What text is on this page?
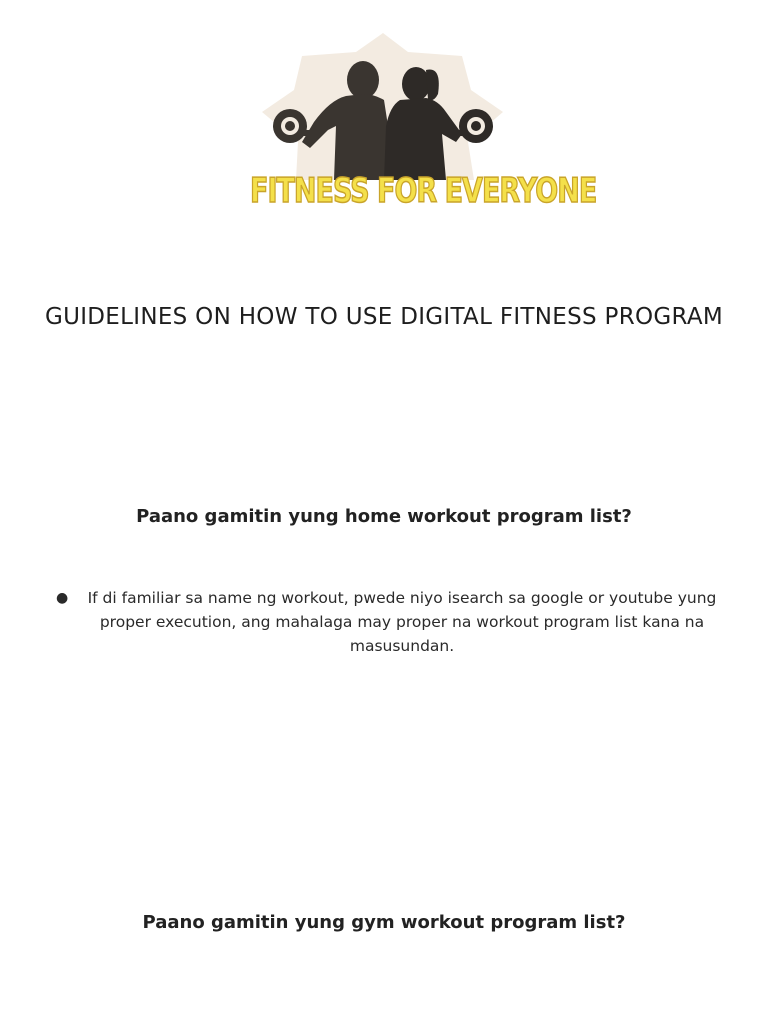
FITNESS FOR EVERYONE
GUIDELINES ON HOW TO USE DIGITAL FITNESS PROGRAM
Paano gamitin yung home workout program list?
●	If di familiar sa name ng workout, pwede niyo isearch sa google or youtube yung proper execution, ang mahalaga may proper na workout program list kana na masusundan.
Paano gamitin yung gym workout program list?
